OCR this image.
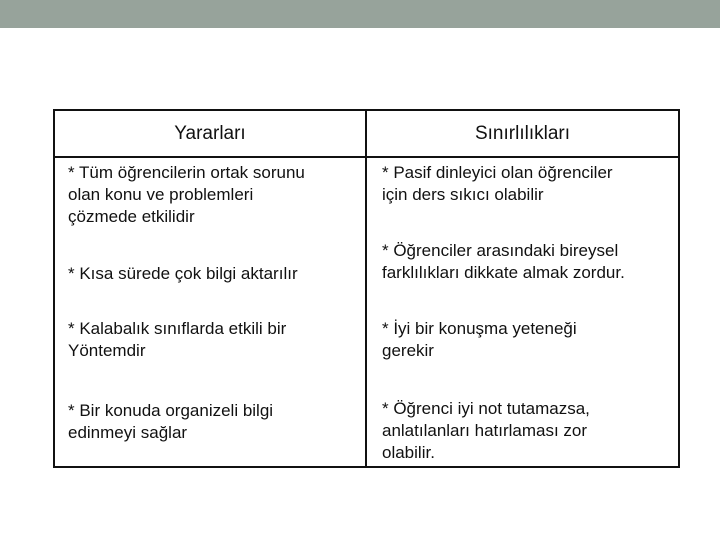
Yararları	Sınırlılıkları
* Tüm öğrencilerin ortak sorunu
olan konu ve problemleri
çözmede etkilidir
* Kısa sürede çok bilgi aktarılır
* Kalabalık sınıflarda etkili bir
Yöntemdir
* Bir konuda organizeli bilgi
edinmeyi sağlar
* Pasif dinleyici olan öğrenciler
için ders sıkıcı olabilir
* Öğrenciler arasındaki bireysel
farklılıkları dikkate almak zordur.
* İyi bir konuşma yeteneği
gerekir
* Öğrenci iyi not tutamazsa,
anlatılanları hatırlaması zor
olabilir.
